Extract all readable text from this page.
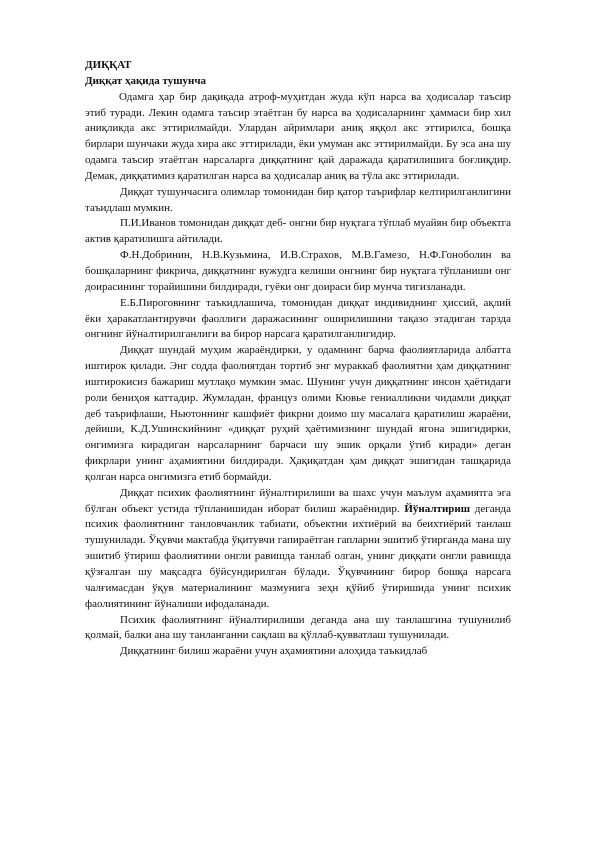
ДИҚҚАТ

Диққат ҳақида тушунча

Одамга ҳар бир дақиқада атроф-муҳитдан жуда кўп нарса ва ҳодисалар таъсир этиб туради. Лекин одамга таъсир этаётган бу нарса ва ҳодисаларнинг ҳаммаси бир хил аниқликда акс эттирилмайди. Улардан айримлари аниқ яққол акс эттирилса, бошқа бирлари шунчаки жуда хира акс эттирилади, ёки умуман акс эттирилмайди. Бу эса ана шу одамга таъсир этаётган нарсаларга диққатнинг қай даражада қаратилишига боғлиқдир. Демак, диққатимиз қаратилган нарса ва ҳодисалар аниқ ва тўла акс эттирилади.

Диққат тушунчасига олимлар томонидан бир қатор таърифлар келтирилганлигини таъидлаш мумкин.

П.И.Иванов томонидан диққат деб- онгни бир нуқтага тўплаб муайян бир объектга актив қаратилишга айтилади.

Ф.Н.Добринин, Н.В.Кузьмина, И.В.Страхов, М.В.Гамезо, Н.Ф.Гоноболин ва бошқаларнинг фикрича, диққатнинг вужудга келиши онгнинг бир нуқтага тўпланиши онг доирасининг торайишини билдиради, гуёки онг доираси бир мунча тигизланади.

Е.Б.Пироговнинг таъкидлашича, томонидан диққат индивиднинг ҳиссий, ақлий ёки ҳаракатлантирувчи фаоллиги даражасининг оширилишини тақазо этадиган тарзда онгнинг йўналтирилганлиги ва бирор нарсага қаратилганлигидир.

Диққат шундай муҳим жараёндирки, у одамнинг барча фаолиятларида албатта иштирок қилади. Энг содда фаолиятдан тортиб энг мураккаб фаолиятни ҳам диққатнинг иштирокисиз бажариш мутлақо мумкин эмас. Шунинг учун диққатнинг инсон ҳаётидаги роли бениҳоя каттадир. Жумладан, француз олими Кювье гениалликни чидамли диққат деб таърифлаши, Ньютоннинг кашфиёт фикрни доимо шу масалага қаратилиш жараёни, дейиши, К.Д.Ушинскийнинг «диққат руҳий ҳаётимизнинг шундай ягона эшигидирки, онгимизга кирадиган нарсаларнинг барчаси шу эшик орқали ўтиб киради» деган фикрлари унинг аҳамиятини билдиради. Ҳақиқатдан ҳам диққат эшигидан ташқарида қолган нарса онгимизга етиб бормайди.

Диққат психик фаолиятнинг йўналтирилиши ва шахс учун маълум аҳамиятга эга бўлган объект устида тўпланишидан иборат билиш жараёнидир. Йўналтириш деганда психик фаолиятнинг танловчанлик табиати, объектни ихтиёрий ва беихтиёрий танлаш тушунилади. Ўқувчи мактабда ўқитувчи гапираётган гапларни эшитиб ўтирганда мана шу эшитиб ўтириш фаолиятини онгли равишда танлаб олган, унинг диққати онгли равишда қўзғалган шу мақсадга бўйсундирилган бўлади. Ўқувчининг бирор бошқа нарсага чалғимасдан ўқув материалининг мазмунига зеҳн қўйиб ўтиришида унинг психик фаолиятининг йўналиши ифодаланади.

Психик фаолиятнинг йўналтирилиши деганда ана шу танлашгина тушунилиб қолмай, балки ана шу танланганни сақлаш ва қўллаб-қувватлаш тушунилади.

Диққатнинг билиш жараёни учун аҳамиятини алоҳида таъкидлаб
